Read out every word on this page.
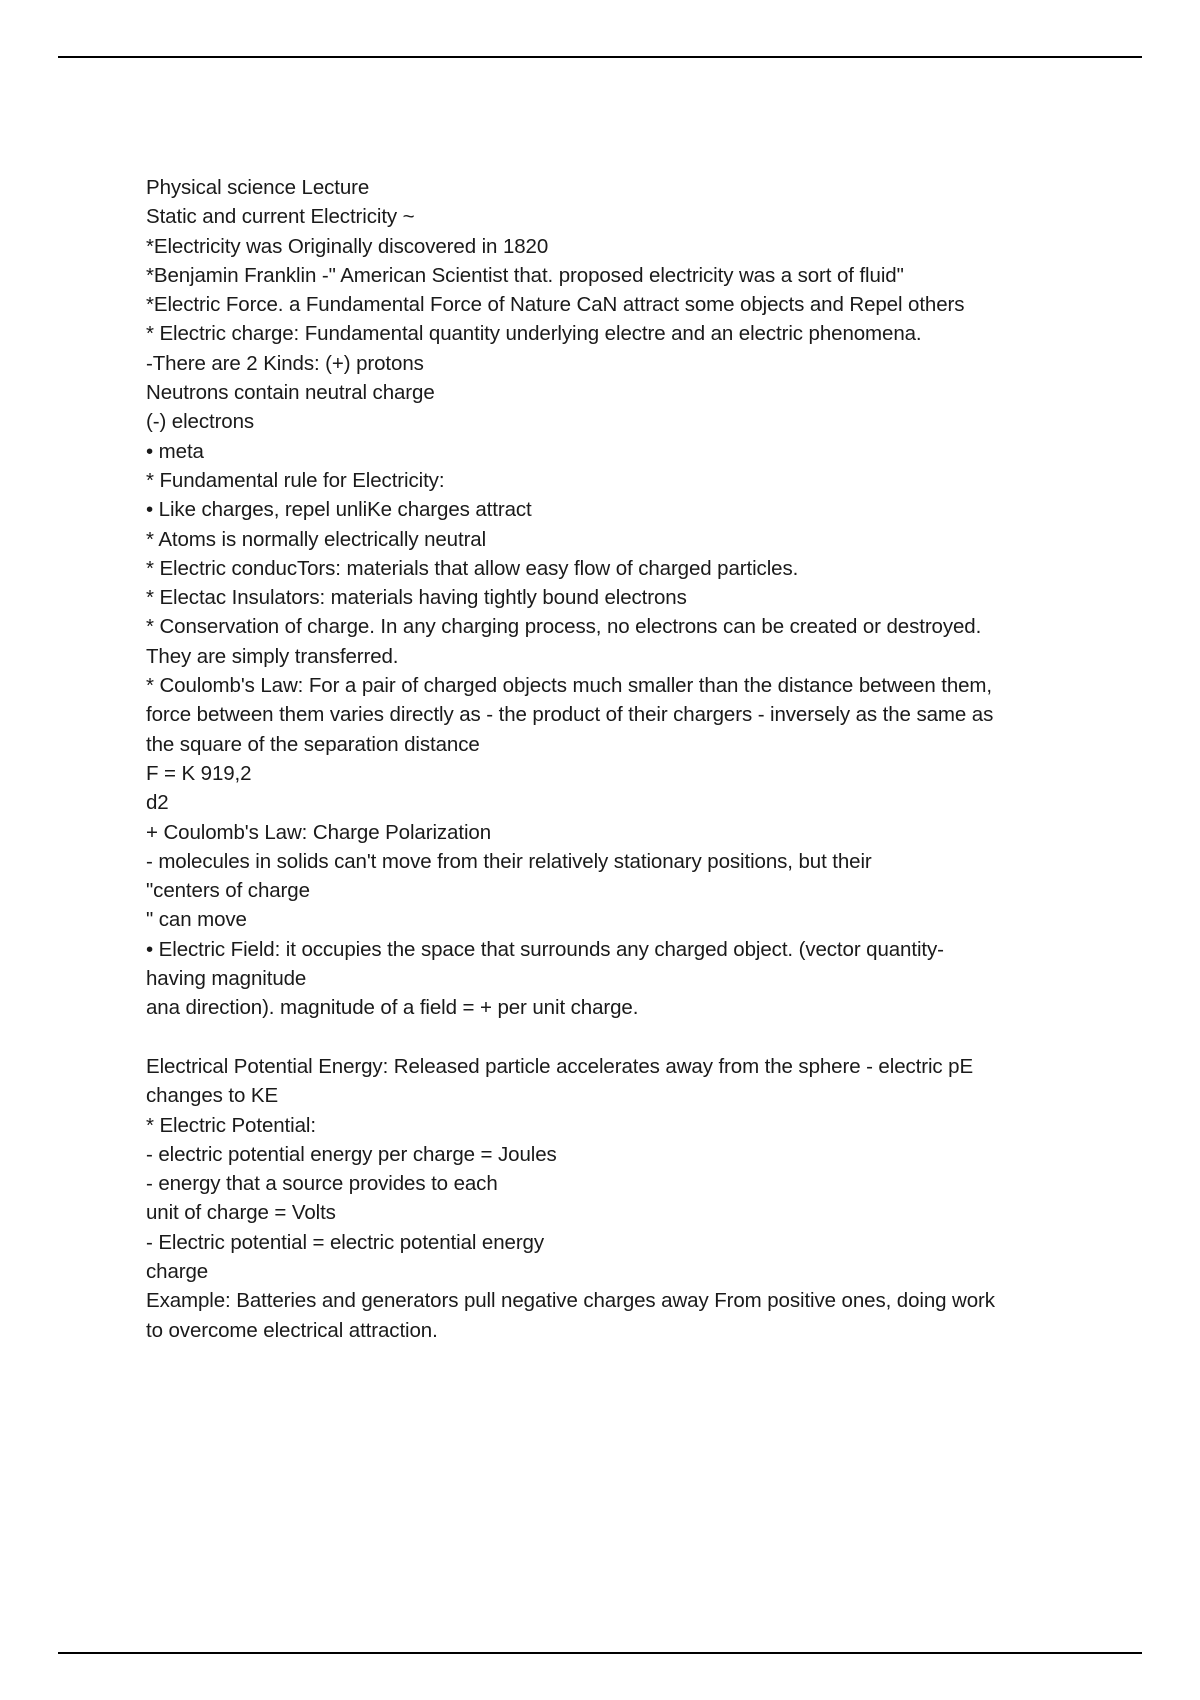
Physical science Lecture
Static and current Electricity ~
*Electricity was Originally discovered in 1820
*Benjamin Franklin -" American Scientist that. proposed electricity was a sort of fluid"
*Electric Force. a Fundamental Force of Nature CaN attract some objects and Repel others
* Electric charge: Fundamental quantity underlying electre and an electric phenomena.
-There are 2 Kinds: (+) protons
Neutrons contain neutral charge
(-) electrons
• meta
* Fundamental rule for Electricity:
• Like charges, repel unliKe charges attract
* Atoms is normally electrically neutral
* Electric conducTors: materials that allow easy flow of charged particles.
* Electac Insulators: materials having tightly bound electrons
* Conservation of charge. In any charging process, no electrons can be created or destroyed.
They are simply transferred.
* Coulomb's Law: For a pair of charged objects much smaller than the distance between them,
force between them varies directly as - the product of their chargers - inversely as the same as
the square of the separation distance
F = K 919,2
d2
+ Coulomb's Law: Charge Polarization
- molecules in solids can't move from their relatively stationary positions, but their
"centers of charge
" can move
• Electric Field: it occupies the space that surrounds any charged object. (vector quantity-
having magnitude
ana direction). magnitude of a field = + per unit charge.
Electrical Potential Energy: Released particle accelerates away from the sphere - electric pE
changes to KE
* Electric Potential:
- electric potential energy per charge = Joules
- energy that a source provides to each
unit of charge = Volts
- Electric potential = electric potential energy
charge
Example: Batteries and generators pull negative charges away From positive ones, doing work
to overcome electrical attraction.
